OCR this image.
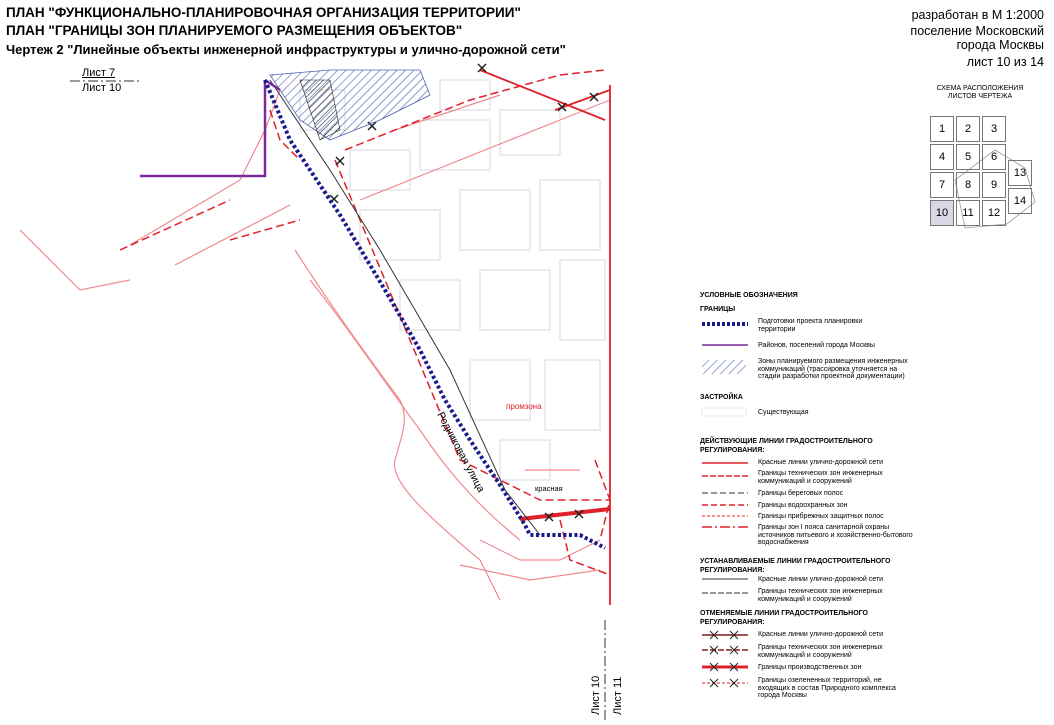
ПЛАН "ФУНКЦИОНАЛЬНО-ПЛАНИРОВОЧНАЯ ОРГАНИЗАЦИЯ ТЕРРИТОРИИ"
ПЛАН "ГРАНИЦЫ ЗОН ПЛАНИРУЕМОГО РАЗМЕЩЕНИЯ ОБЪЕКТОВ"
Чертеж 2 "Линейные объекты инженерной инфраструктуры и улично-дорожной сети"
разработан в М 1:2000
поселение Московский
города Москвы
лист 10 из 14
Лист 7
Лист 10
Лист 10 Лист 11
Родниковая улица
промзона
красная
СХЕМА РАСПОЛОЖЕНИЯ ЛИСТОВ ЧЕРТЕЖА
1	2	3
4	5	6
7	8	9
10	11	12
13
14
УСЛОВНЫЕ ОБОЗНАЧЕНИЯ
ГРАНИЦЫ
Подготовки проекта планировки территории
Районов, поселений города Москвы
Зоны планируемого размещения инженерных коммуникаций (трассировка уточняется на стадии разработки проектной документации)
ЗАСТРОЙКА
Существующая
ДЕЙСТВУЮЩИЕ ЛИНИИ ГРАДОСТРОИТЕЛЬНОГО РЕГУЛИРОВАНИЯ:
Красные линии улично-дорожной сети
Границы технических зон инженерных коммуникаций и сооружений
Границы береговых полос
Границы водоохранных зон
Границы прибрежных защитных полос
Границы зон I пояса санитарной охраны источников питьевого и хозяйственно-бытового водоснабжения
УСТАНАВЛИВАЕМЫЕ ЛИНИИ ГРАДОСТРОИТЕЛЬНОГО РЕГУЛИРОВАНИЯ:
Красные линии улично-дорожной сети
Границы технических зон инженерных коммуникаций и сооружений
ОТМЕНЯЕМЫЕ ЛИНИИ ГРАДОСТРОИТЕЛЬНОГО РЕГУЛИРОВАНИЯ:
Красные линии улично-дорожной сети
Границы технических зон инженерных коммуникаций и сооружений
Границы производственных зон
Границы озелененных территорий, не входящих в состав Природного комплекса города Москвы
